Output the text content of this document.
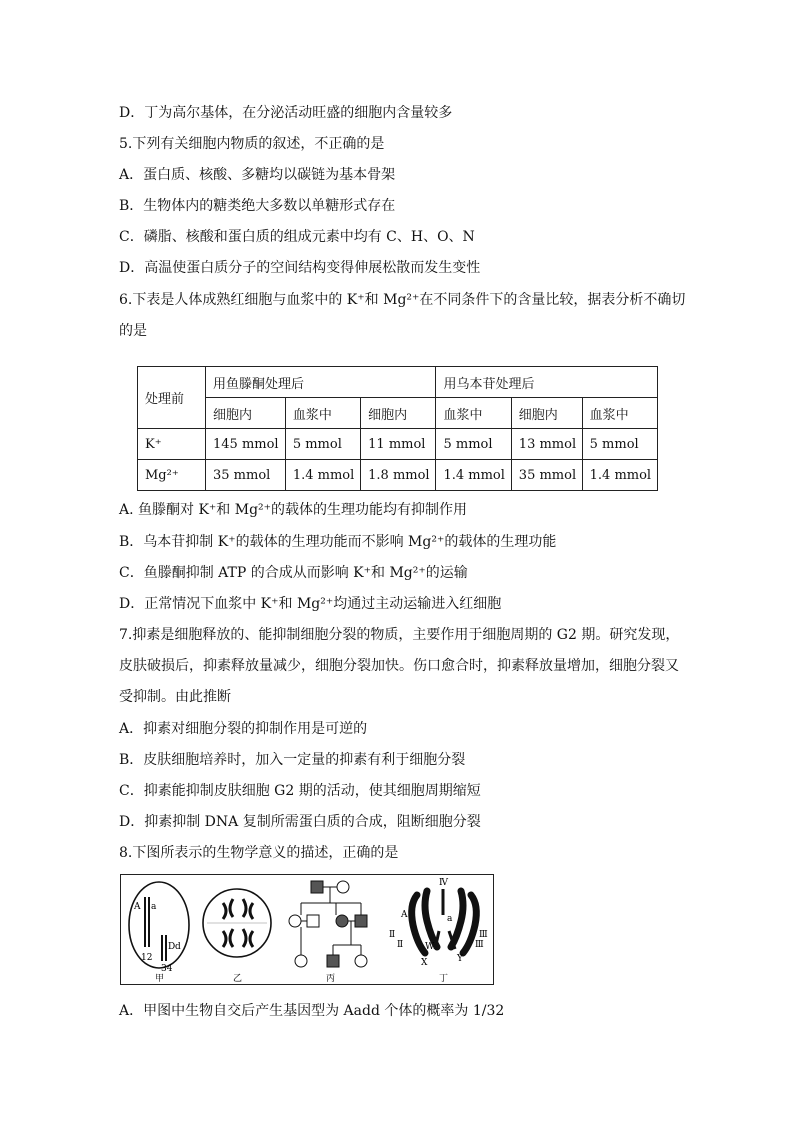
D．丁为高尔基体，在分泌活动旺盛的细胞内含量较多
5.下列有关细胞内物质的叙述，不正确的是
A．蛋白质、核酸、多糖均以碳链为基本骨架
B．生物体内的糖类绝大多数以单糖形式存在
C．磷脂、核酸和蛋白质的组成元素中均有 C、H、O、N
D．高温使蛋白质分子的空间结构变得伸展松散而发生变性
6.下表是人体成熟红细胞与血浆中的 K⁺和 Mg²⁺在不同条件下的含量比较，据表分析不确切
的是
处理前	用鱼滕酮处理后			用乌本苷处理后		
	细胞内	血浆中	细胞内	血浆中	细胞内	血浆中
K⁺	145 mmol	5 mmol	11 mmol	5 mmol	13 mmol	5 mmol
Mg²⁺	35 mmol	1.4 mmol	1.8 mmol	1.4 mmol	35 mmol	1.4 mmol
A. 鱼滕酮对 K⁺和 Mg²⁺的载体的生理功能均有抑制作用
B．乌本苷抑制 K⁺的载体的生理功能而不影响 Mg²⁺的载体的生理功能
C．鱼滕酮抑制 ATP 的合成从而影响 K⁺和 Mg²⁺的运输
D．正常情况下血浆中 K⁺和 Mg²⁺均通过主动运输进入红细胞
7.抑素是细胞释放的、能抑制细胞分裂的物质，主要作用于细胞周期的 G2 期。研究发现，
皮肤破损后，抑素释放量减少，细胞分裂加快。伤口愈合时，抑素释放量增加，细胞分裂又
受抑制。由此推断
A．抑素对细胞分裂的抑制作用是可逆的
B．皮肤细胞培养时，加入一定量的抑素有利于细胞分裂
C．抑素能抑制皮肤细胞 G2 期的活动，使其细胞周期缩短
D．抑素抑制 DNA 复制所需蛋白质的合成，阻断细胞分裂
8.下图所表示的生物学意义的描述，正确的是
A a
D d
12
34
Ⅳ
Ⅱ
Ⅱ
Ⅲ
Ⅲ
A	a
W
X	Y
甲	乙	丙	丁
A．甲图中生物自交后产生基因型为 Aadd 个体的概率为 1/32
